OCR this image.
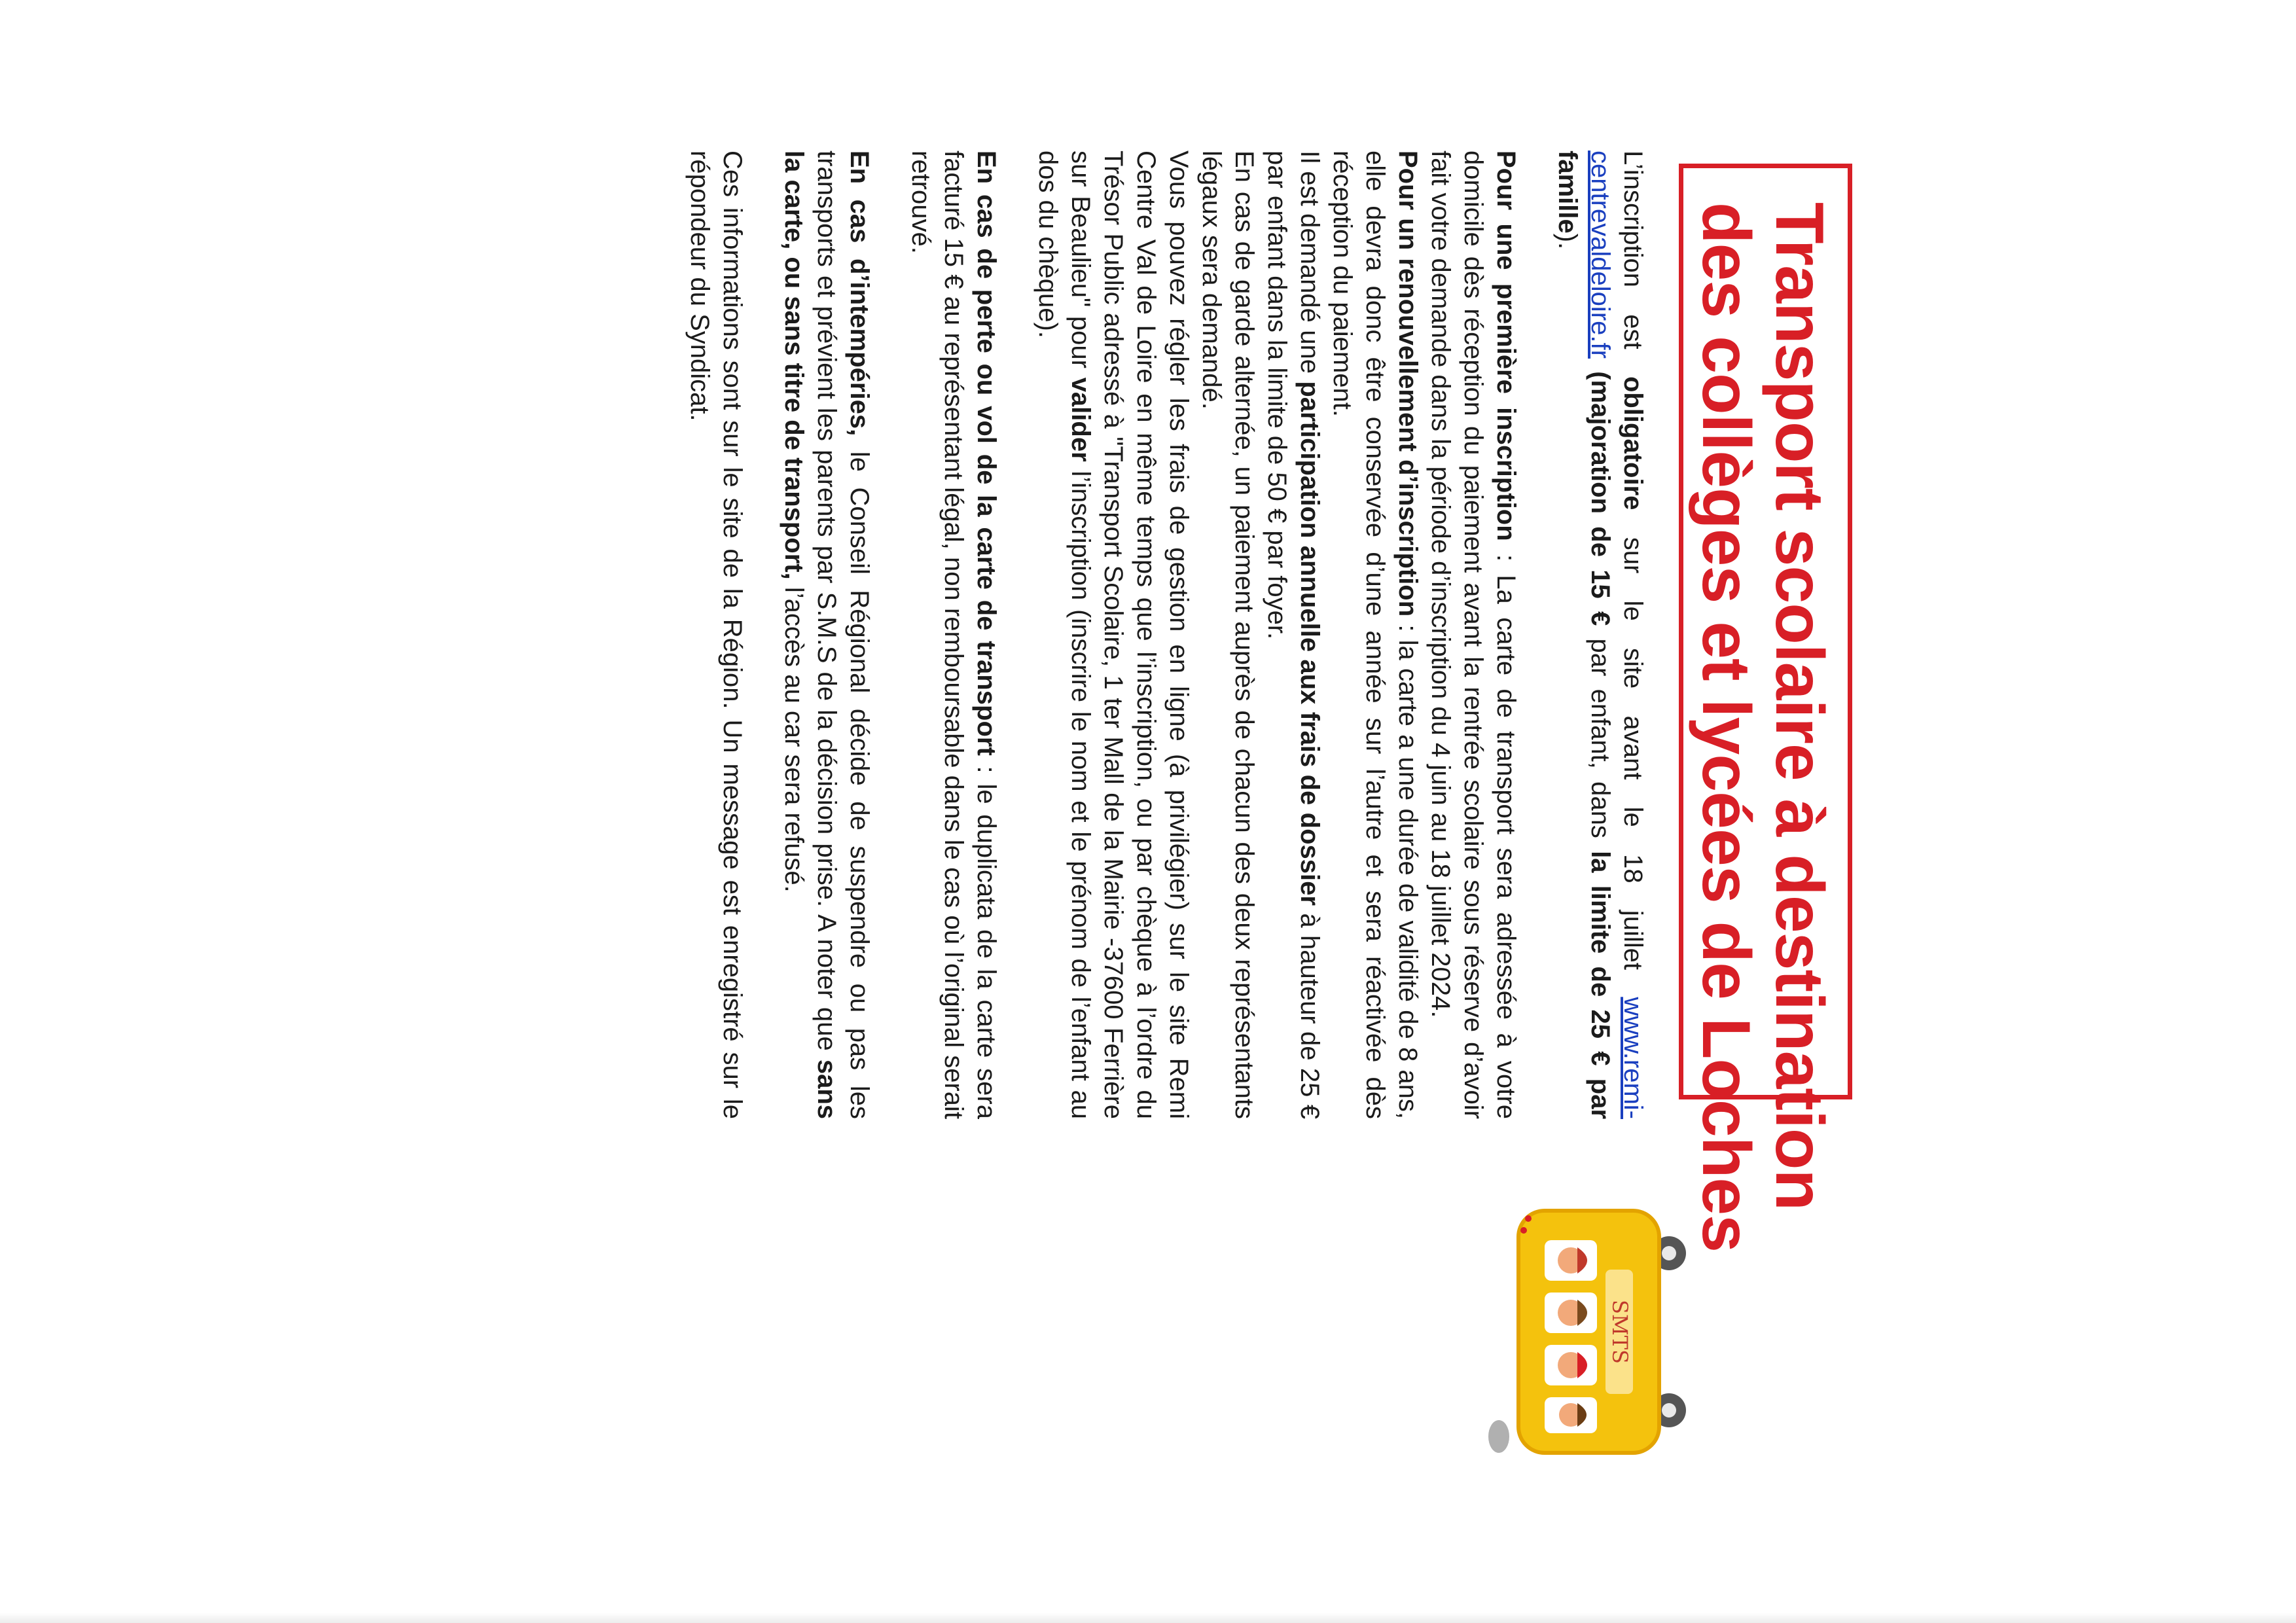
Transport scolaire à destination
des collèges et lycées de Loches

L’inscription est obligatoire sur le site avant le 18 juillet www.remi-centrevaldeloire.fr (majoration de 15 € par enfant, dans la limite de 25 € par famille).

Pour une première inscription : La carte de transport sera adressée à votre domicile dès réception du paiement avant la rentrée scolaire sous réserve d’avoir fait votre demande dans la période d’inscription du 4 juin au 18 juillet 2024.

Pour un renouvellement d’inscription : la carte a une durée de validité de 8 ans, elle devra donc être conservée d’une année sur l’autre et sera réactivée dès réception du paiement.

Il est demandé une participation annuelle aux frais de dossier à hauteur de 25 € par enfant dans la limite de 50 € par foyer.

En cas de garde alternée, un paiement auprès de chacun des deux représentants légaux sera demandé.

Vous pouvez régler les frais de gestion en ligne (à privilégier) sur le site Remi Centre Val de Loire en même temps que l’inscription, ou par chèque à l’ordre du Trésor Public adressé à "Transport Scolaire, 1 ter Mall de la Mairie -37600 Ferrière sur Beaulieu" pour valider l’inscription (inscrire le nom et le prénom de l’enfant au dos du chèque).

En cas de perte ou vol de la carte de transport : le duplicata de la carte sera facturé 15 € au représentant légal, non remboursable dans le cas où l’original serait retrouvé.

En cas d’intempéries, le Conseil Régional décide de suspendre ou pas les transports et prévient les parents par S.M.S de la décision prise. A noter que sans la carte, ou sans titre de transport, l’accès au car sera refusé.

Ces informations sont sur le site de la Région. Un message est enregistré sur le répondeur du Syndicat.

SMTS
